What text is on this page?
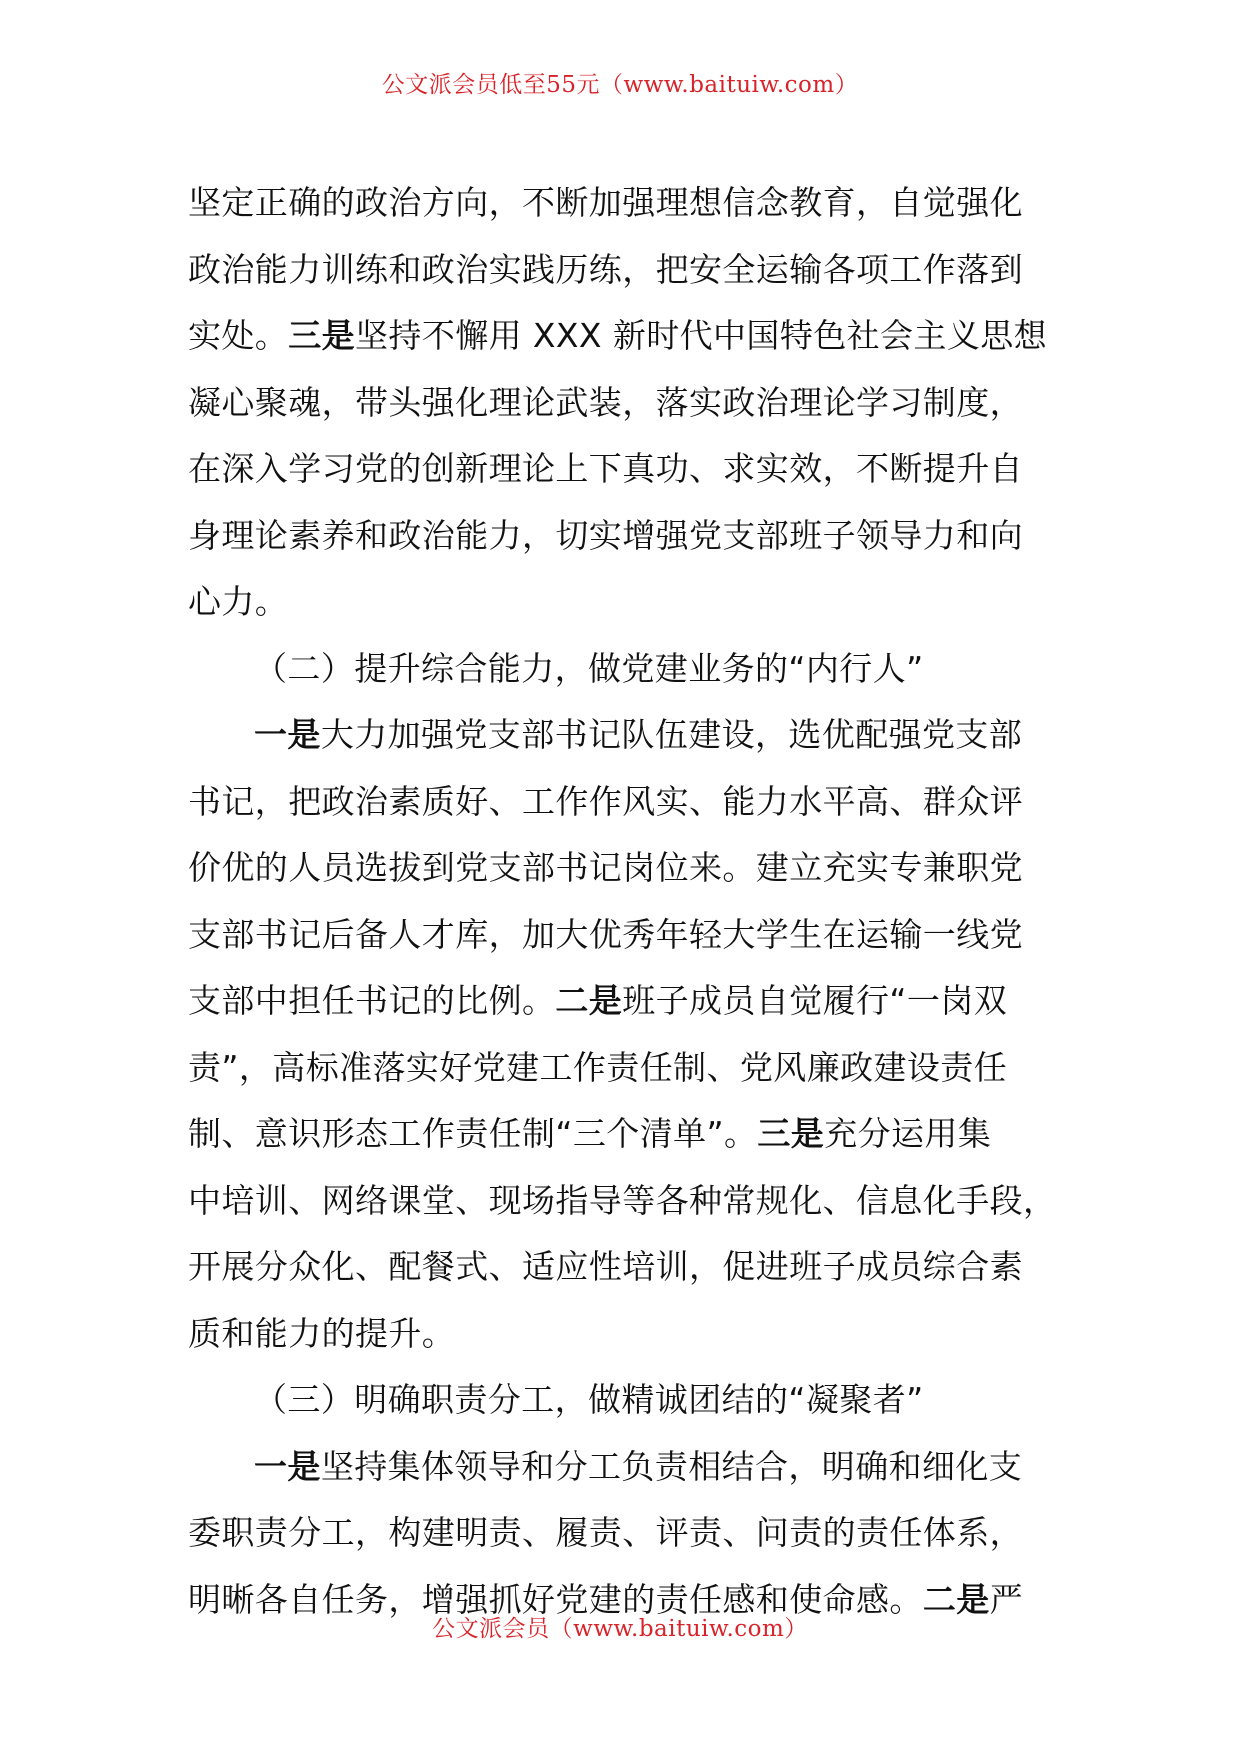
公文派会员低至55元（www.baituiw.com）
坚定正确的政治方向，不断加强理想信念教育，自觉强化
政治能力训练和政治实践历练，把安全运输各项工作落到
实处。三是坚持不懈用 XXX 新时代中国特色社会主义思想
凝心聚魂，带头强化理论武装，落实政治理论学习制度，
在深入学习党的创新理论上下真功、求实效，不断提升自
身理论素养和政治能力，切实增强党支部班子领导力和向
心力。
（二）提升综合能力，做党建业务的“内行人”
一是大力加强党支部书记队伍建设，选优配强党支部
书记，把政治素质好、工作作风实、能力水平高、群众评
价优的人员选拔到党支部书记岗位来。建立充实专兼职党
支部书记后备人才库，加大优秀年轻大学生在运输一线党
支部中担任书记的比例。二是班子成员自觉履行“一岗双
责”，高标准落实好党建工作责任制、党风廉政建设责任
制、意识形态工作责任制“三个清单”。三是充分运用集
中培训、网络课堂、现场指导等各种常规化、信息化手段，
开展分众化、配餐式、适应性培训，促进班子成员综合素
质和能力的提升。
（三）明确职责分工，做精诚团结的“凝聚者”
一是坚持集体领导和分工负责相结合，明确和细化支
委职责分工，构建明责、履责、评责、问责的责任体系，
明晰各自任务，增强抓好党建的责任感和使命感。二是严
公文派会员（www.baituiw.com）
